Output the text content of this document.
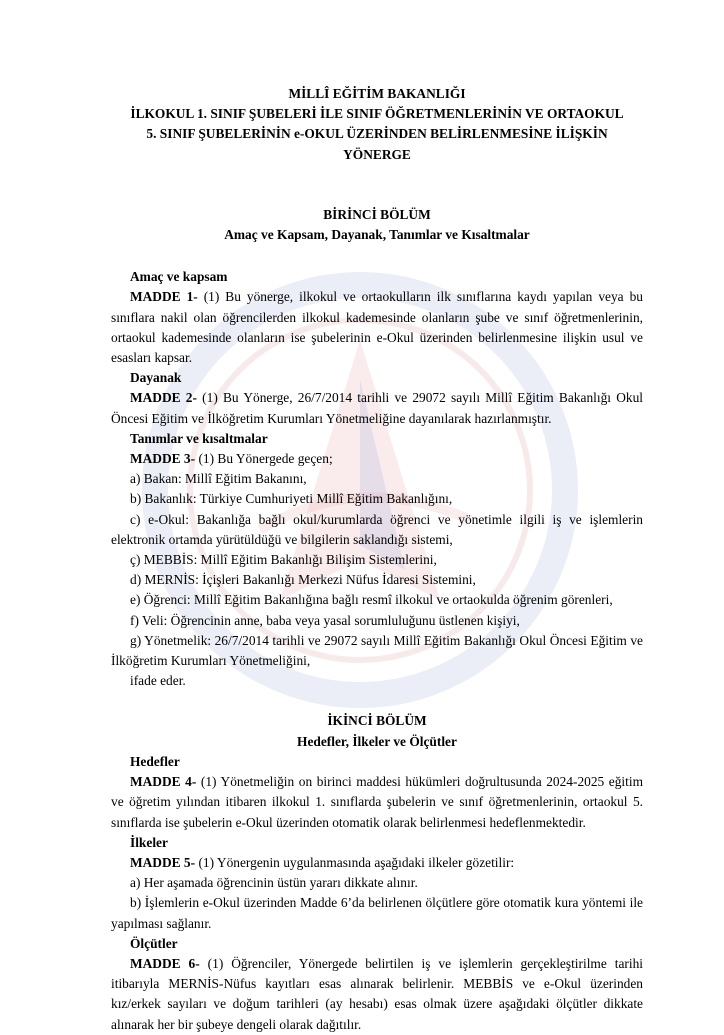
MİLLÎ EĞİTİM BAKANLIĞI

İLKOKUL 1. SINIF ŞUBELERİ İLE SINIF ÖĞRETMENLERİNİN VE ORTAOKUL

5. SINIF ŞUBELERİNİN e-OKUL ÜZERİNDEN BELİRLENMESİNE İLİŞKİN

YÖNERGE

BİRİNCİ BÖLÜM

Amaç ve Kapsam, Dayanak, Tanımlar ve Kısaltmalar

Amaç ve kapsam

MADDE 1- (1) Bu yönerge, ilkokul ve ortaokulların ilk sınıflarına kaydı yapılan veya bu sınıflara nakil olan öğrencilerden ilkokul kademesinde olanların şube ve sınıf öğretmenlerinin, ortaokul kademesinde olanların ise şubelerinin e-Okul üzerinden belirlenmesine ilişkin usul ve esasları kapsar.

Dayanak

MADDE 2- (1) Bu Yönerge, 26/7/2014 tarihli ve 29072 sayılı Millî Eğitim Bakanlığı Okul Öncesi Eğitim ve İlköğretim Kurumları Yönetmeliğine dayanılarak hazırlanmıştır.

Tanımlar ve kısaltmalar

MADDE 3- (1) Bu Yönergede geçen;

a) Bakan: Millî Eğitim Bakanını,

b) Bakanlık: Türkiye Cumhuriyeti Millî Eğitim Bakanlığını,

c) e-Okul: Bakanlığa bağlı okul/kurumlarda öğrenci ve yönetimle ilgili iş ve işlemlerin elektronik ortamda yürütüldüğü ve bilgilerin saklandığı sistemi,

ç) MEBBİS: Millî Eğitim Bakanlığı Bilişim Sistemlerini,

d) MERNİS: İçişleri Bakanlığı Merkezi Nüfus İdaresi Sistemini,

e) Öğrenci: Millî Eğitim Bakanlığına bağlı resmî ilkokul ve ortaokulda öğrenim görenleri,

f) Veli: Öğrencinin anne, baba veya yasal sorumluluğunu üstlenen kişiyi,

g) Yönetmelik: 26/7/2014 tarihli ve 29072 sayılı Millî Eğitim Bakanlığı Okul Öncesi Eğitim ve İlköğretim Kurumları Yönetmeliğini,

ifade eder.

İKİNCİ BÖLÜM

Hedefler, İlkeler ve Ölçütler

Hedefler

MADDE 4- (1) Yönetmeliğin on birinci maddesi hükümleri doğrultusunda 2024-2025 eğitim ve öğretim yılından itibaren ilkokul 1. sınıflarda şubelerin ve sınıf öğretmenlerinin, ortaokul 5. sınıflarda ise şubelerin e-Okul üzerinden otomatik olarak belirlenmesi hedeflenmektedir.

İlkeler

MADDE 5- (1) Yönergenin uygulanmasında aşağıdaki ilkeler gözetilir:

a) Her aşamada öğrencinin üstün yararı dikkate alınır.

b) İşlemlerin e-Okul üzerinden Madde 6’da belirlenen ölçütlere göre otomatik kura yöntemi ile yapılması sağlanır.

Ölçütler

MADDE 6- (1) Öğrenciler, Yönergede belirtilen iş ve işlemlerin gerçekleştirilme tarihi itibarıyla MERNİS-Nüfus kayıtları esas alınarak belirlenir. MEBBİS ve e-Okul üzerinden kız/erkek sayıları ve doğum tarihleri (ay hesabı) esas olmak üzere aşağıdaki ölçütler dikkate alınarak her bir şubeye dengeli olarak dağıtılır.
